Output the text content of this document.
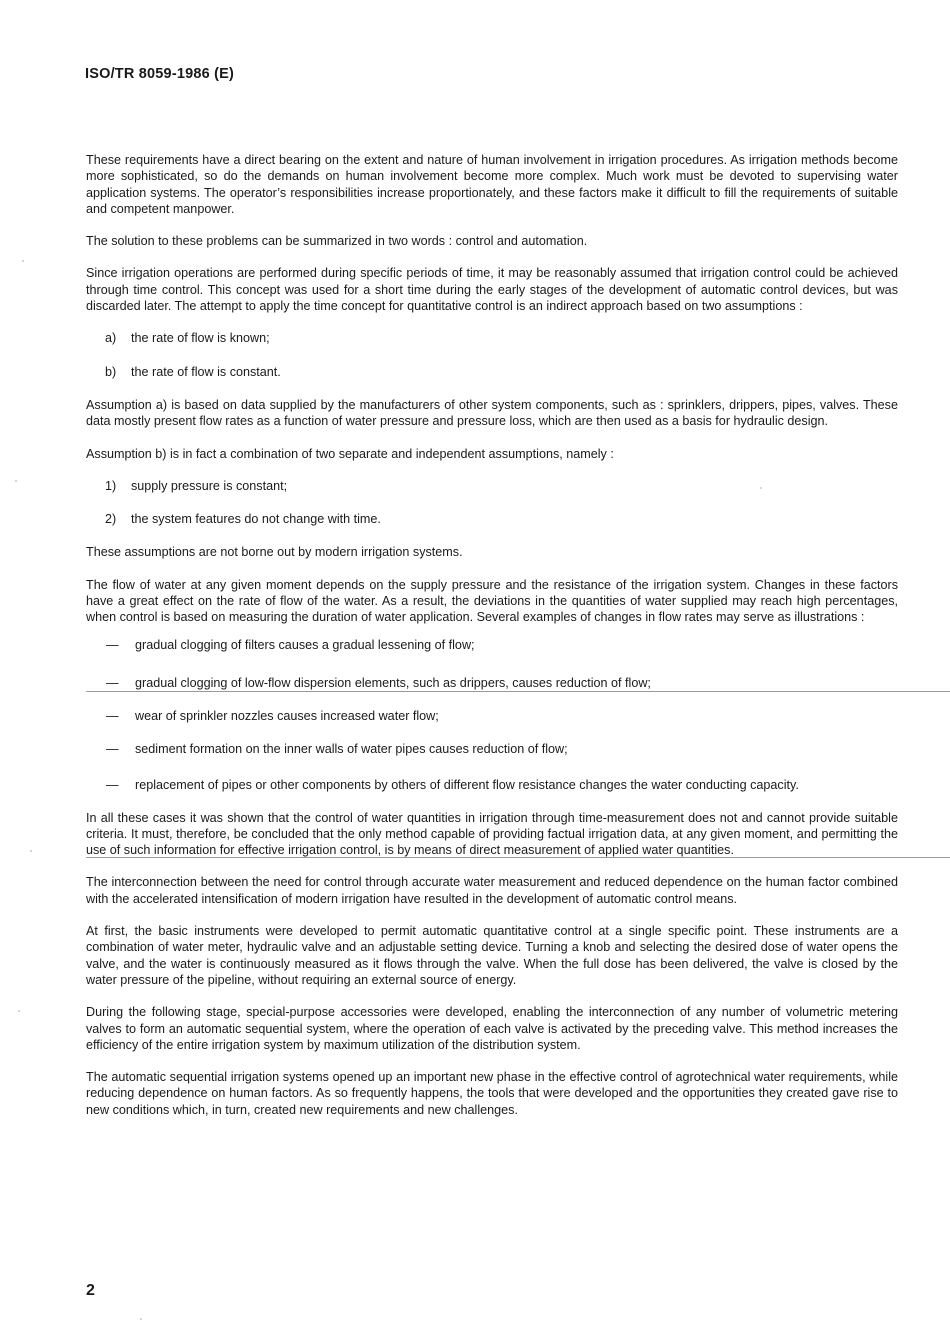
ISO/TR 8059-1986 (E)

These requirements have a direct bearing on the extent and nature of human involvement in irrigation procedures. As irrigation methods become more sophisticated, so do the demands on human involvement become more complex. Much work must be devoted to supervising water application systems. The operator’s responsibilities increase proportionately, and these factors make it difficult to fill the requirements of suitable and competent manpower.

The solution to these problems can be summarized in two words : control and automation.

Since irrigation operations are performed during specific periods of time, it may be reasonably assumed that irrigation control could be achieved through time control. This concept was used for a short time during the early stages of the development of automatic control devices, but was discarded later. The attempt to apply the time concept for quantitative control is an indirect approach based on two assumptions :

a)	the rate of flow is known;
b)	the rate of flow is constant.

Assumption a) is based on data supplied by the manufacturers of other system components, such as : sprinklers, drippers, pipes, valves. These data mostly present flow rates as a function of water pressure and pressure loss, which are then used as a basis for hydraulic design.

Assumption b) is in fact a combination of two separate and independent assumptions, namely :

1)	supply pressure is constant;
2)	the system features do not change with time.

These assumptions are not borne out by modern irrigation systems.

The flow of water at any given moment depends on the supply pressure and the resistance of the irrigation system. Changes in these factors have a great effect on the rate of flow of the water. As a result, the deviations in the quantities of water supplied may reach high percentages, when control is based on measuring the duration of water application. Several examples of changes in flow rates may serve as illustrations :

—	gradual clogging of filters causes a gradual lessening of flow;
—	gradual clogging of low-flow dispersion elements, such as drippers, causes reduction of flow;
—	wear of sprinkler nozzles causes increased water flow;
—	sediment formation on the inner walls of water pipes causes reduction of flow;
—	replacement of pipes or other components by others of different flow resistance changes the water conducting capacity.

In all these cases it was shown that the control of water quantities in irrigation through time-measurement does not and cannot provide suitable criteria. It must, therefore, be concluded that the only method capable of providing factual irrigation data, at any given moment, and permitting the use of such information for effective irrigation control, is by means of direct measurement of applied water quantities.

The interconnection between the need for control through accurate water measurement and reduced dependence on the human factor combined with the accelerated intensification of modern irrigation have resulted in the development of automatic control means.

At first, the basic instruments were developed to permit automatic quantitative control at a single specific point. These instruments are a combination of water meter, hydraulic valve and an adjustable setting device. Turning a knob and selecting the desired dose of water opens the valve, and the water is continuously measured as it flows through the valve. When the full dose has been delivered, the valve is closed by the water pressure of the pipeline, without requiring an external source of energy.

During the following stage, special-purpose accessories were developed, enabling the interconnection of any number of volumetric metering valves to form an automatic sequential system, where the operation of each valve is activated by the preceding valve. This method increases the efficiency of the entire irrigation system by maximum utilization of the distribution system.

The automatic sequential irrigation systems opened up an important new phase in the effective control of agrotechnical water requirements, while reducing dependence on human factors. As so frequently happens, the tools that were developed and the opportunities they created gave rise to new conditions which, in turn, created new requirements and new challenges.

2
